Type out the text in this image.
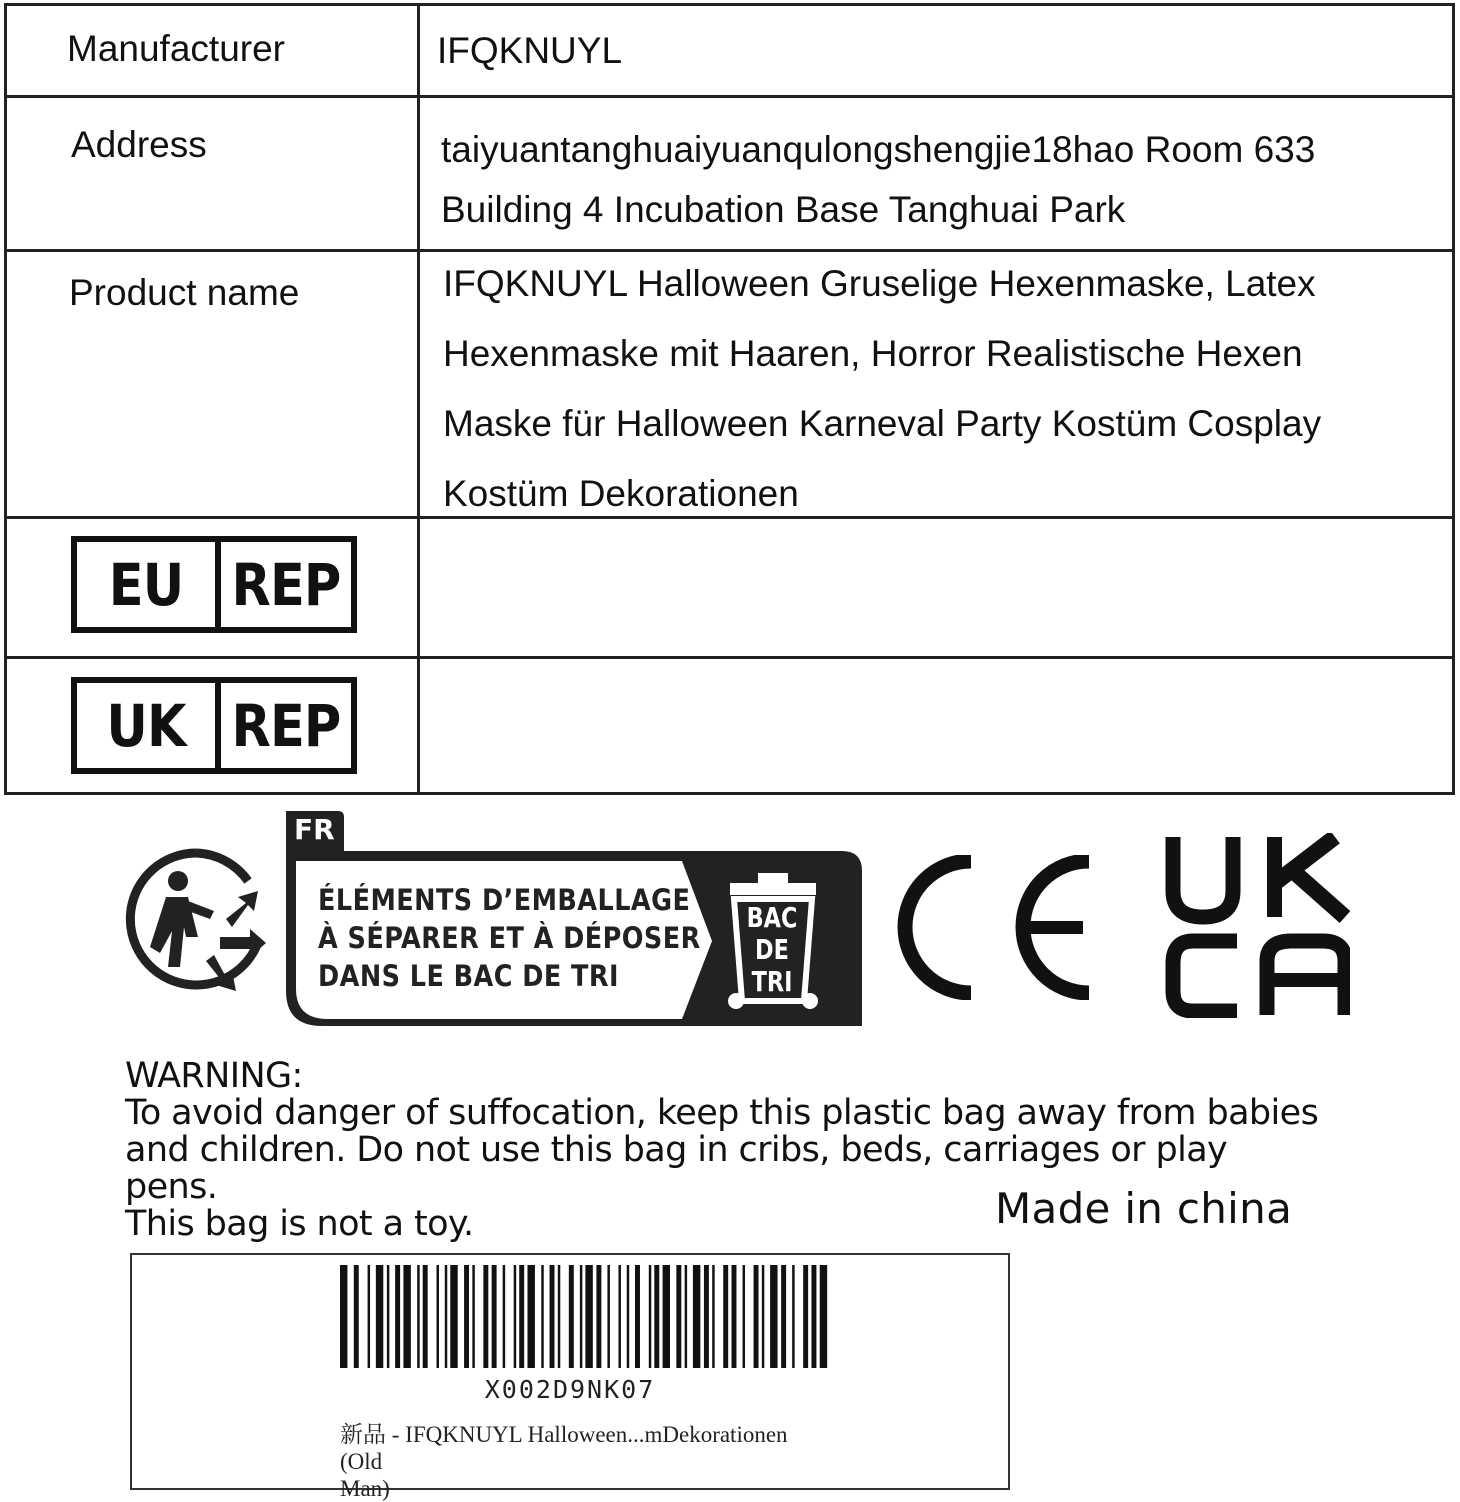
Manufacturer	IFQKNUYL
Address	taiyuantanghuaiyuanqulongshengjie18hao Room 633
Building 4 Incubation Base Tanghuai Park
Product name	IFQKNUYL Halloween Gruselige Hexenmaske, Latex
Hexenmaske mit Haaren, Horror Realistische Hexen
Maske für Halloween Karneval Party Kostüm Cosplay
Kostüm Dekorationen
EU REP
UK REP
FR
ÉLÉMENTS D’EMBALLAGE
À SÉPARER ET À DÉPOSER
DANS LE BAC DE TRI
BAC
DE
TRI
WARNING:
To avoid danger of suffocation, keep this plastic bag away from babies
and children. Do not use this bag in cribs, beds, carriages or play pens.
This bag is not a toy.	Made in china
X002D9NK07
新品 - IFQKNUYL Halloween...mDekorationen (Old
Man)
